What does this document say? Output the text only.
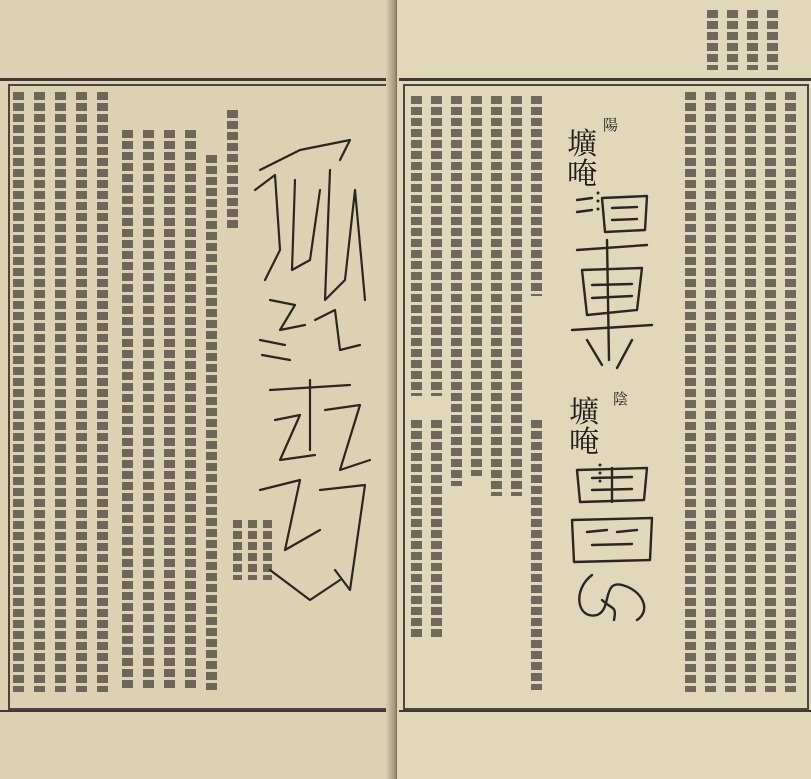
陽
壙
唵
陰
壙
唵
